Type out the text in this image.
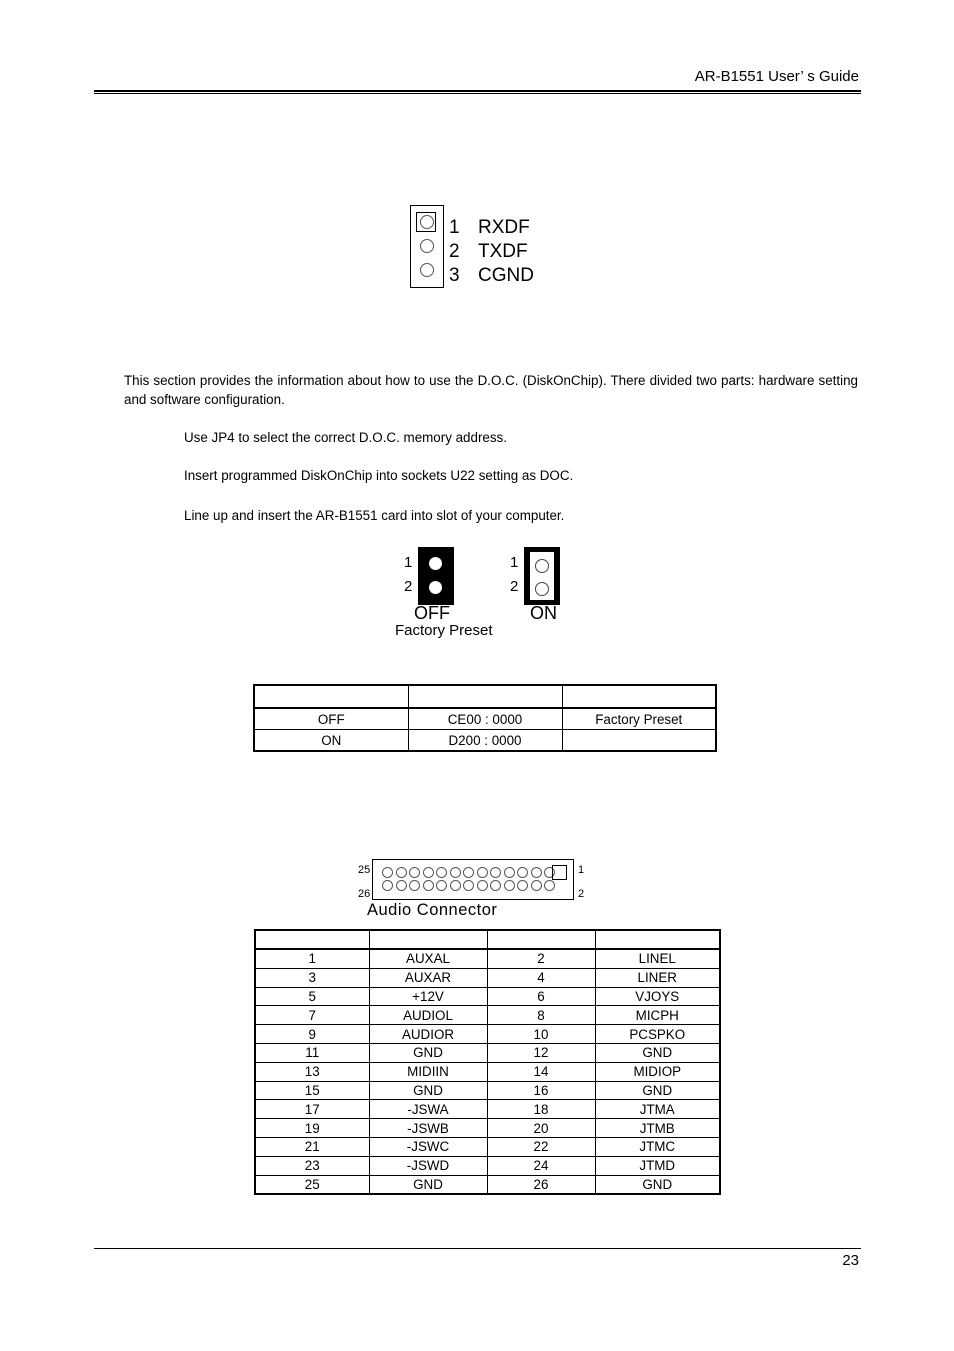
AR-B1551 User’ s Guide
1 RXDF
2 TXDF
3 CGND
This section provides the information about how to use the D.O.C. (DiskOnChip). There divided two parts: hardware setting and software configuration.
Use JP4 to select the correct D.O.C. memory address.
Insert programmed DiskOnChip into sockets U22 setting as DOC.
Line up and insert the AR-B1551 card into slot of your computer.
1
2
1
2
OFF	ON
Factory Preset

OFF	CE00 : 0000	Factory Preset
ON	D200 : 0000	
25
26
1
2
Audio Connector

1	AUXAL	2	LINEL
3	AUXAR	4	LINER
5	+12V	6	VJOYS
7	AUDIOL	8	MICPH
9	AUDIOR	10	PCSPKO
11	GND	12	GND
13	MIDIIN	14	MIDIOP
15	GND	16	GND
17	-JSWA	18	JTMA
19	-JSWB	20	JTMB
21	-JSWC	22	JTMC
23	-JSWD	24	JTMD
25	GND	26	GND
23
